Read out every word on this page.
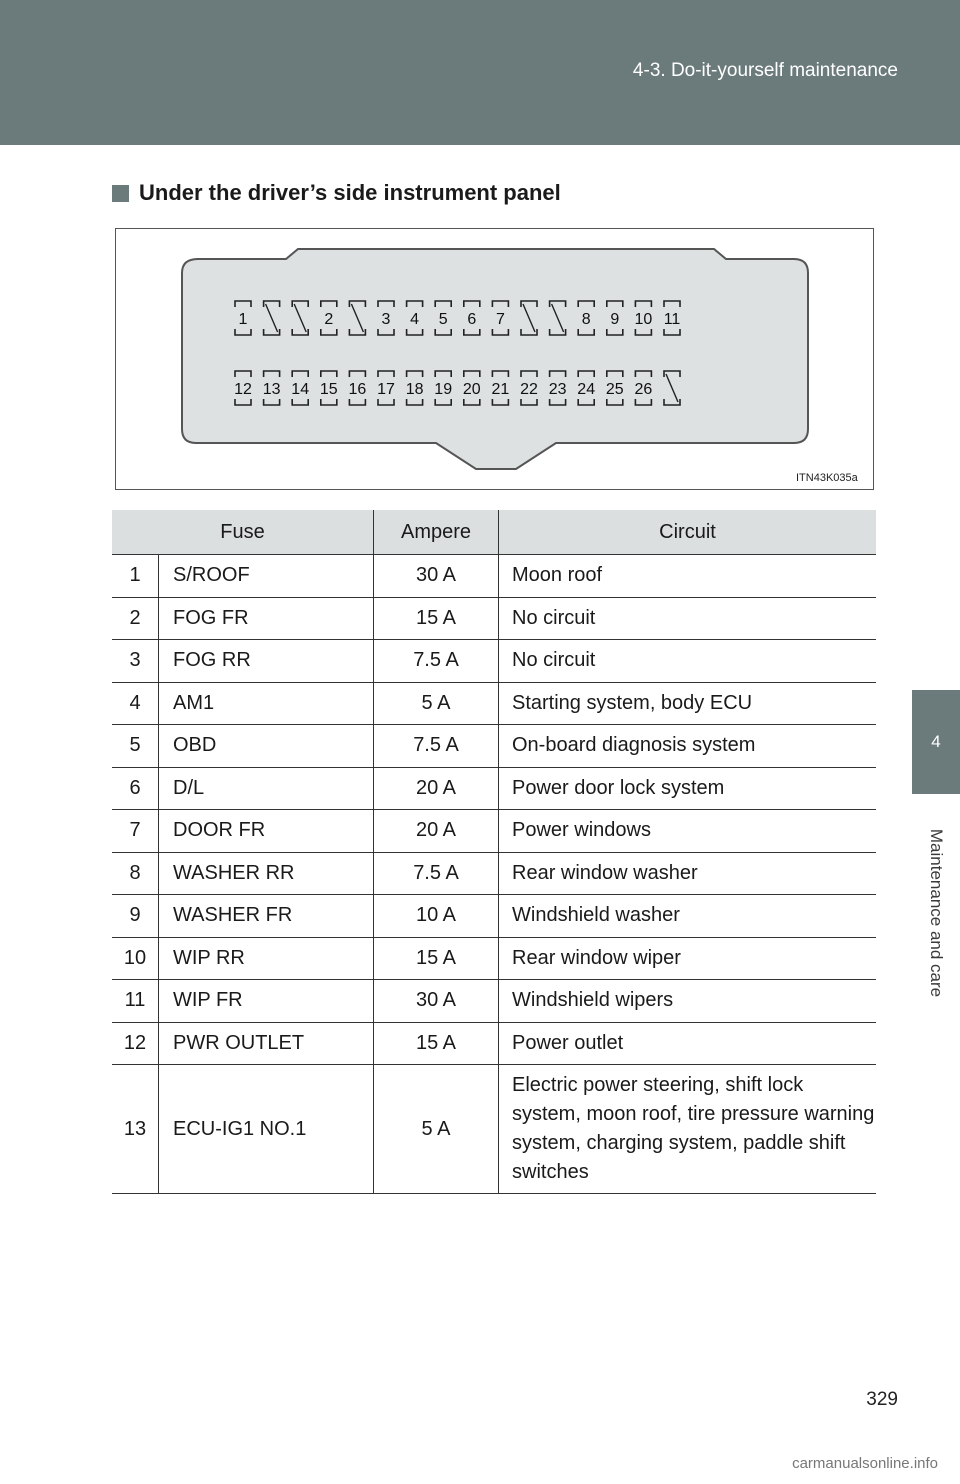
4-3. Do-it-yourself maintenance
4
Maintenance and care
Under the driver’s side instrument panel
1	2	3 4 5 6 7	8 9 10 11
12 13 14 15 16 17 18 19 20 21 22 23 24 25 26
ITN43K035a
Fuse		Ampere	Circuit
1	S/ROOF	30 A	Moon roof
2	FOG FR	15 A	No circuit
3	FOG RR	7.5 A	No circuit
4	AM1	5 A	Starting system, body ECU
5	OBD	7.5 A	On-board diagnosis system
6	D/L	20 A	Power door lock system
7	DOOR FR	20 A	Power windows
8	WASHER RR	7.5 A	Rear window washer
9	WASHER FR	10 A	Windshield washer
10	WIP RR	15 A	Rear window wiper
11	WIP FR	30 A	Windshield wipers
12	PWR OUTLET	15 A	Power outlet
13	ECU-IG1 NO.1	5 A	Electric power steering, shift lock system, moon roof, tire pressure warning system, charging system, paddle shift switches
329
carmanualsonline.info
